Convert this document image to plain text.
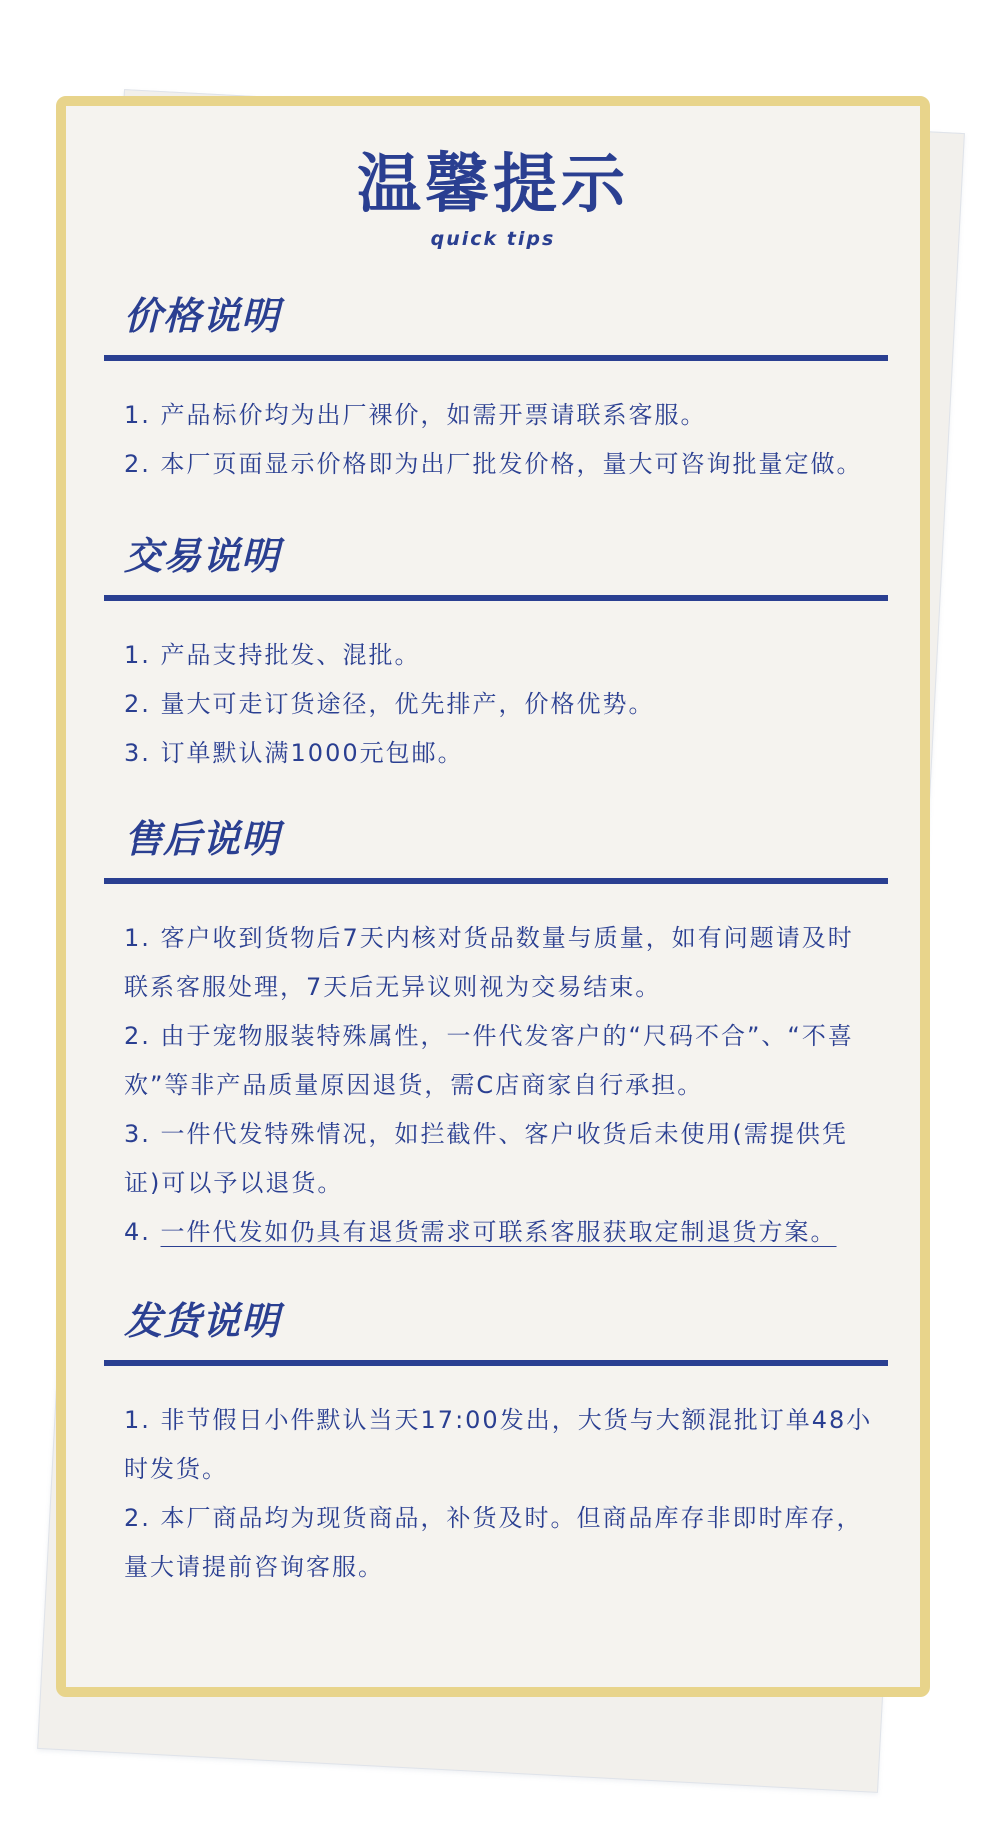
温馨提示
quick tips
价格说明
1. 产品标价均为出厂裸价，如需开票请联系客服。
2. 本厂页面显示价格即为出厂批发价格，量大可咨询批量定做。
交易说明
1. 产品支持批发、混批。
2. 量大可走订货途径，优先排产，价格优势。
3. 订单默认满1000元包邮。
售后说明
1. 客户收到货物后7天内核对货品数量与质量，如有问题请及时联系客服处理，7天后无异议则视为交易结束。
2. 由于宠物服装特殊属性，一件代发客户的“尺码不合”、“不喜欢”等非产品质量原因退货，需C店商家自行承担。
3. 一件代发特殊情况，如拦截件、客户收货后未使用(需提供凭证)可以予以退货。
4. 一件代发如仍具有退货需求可联系客服获取定制退货方案。
发货说明
1. 非节假日小件默认当天17:00发出，大货与大额混批订单48小时发货。
2. 本厂商品均为现货商品，补货及时。但商品库存非即时库存，量大请提前咨询客服。
